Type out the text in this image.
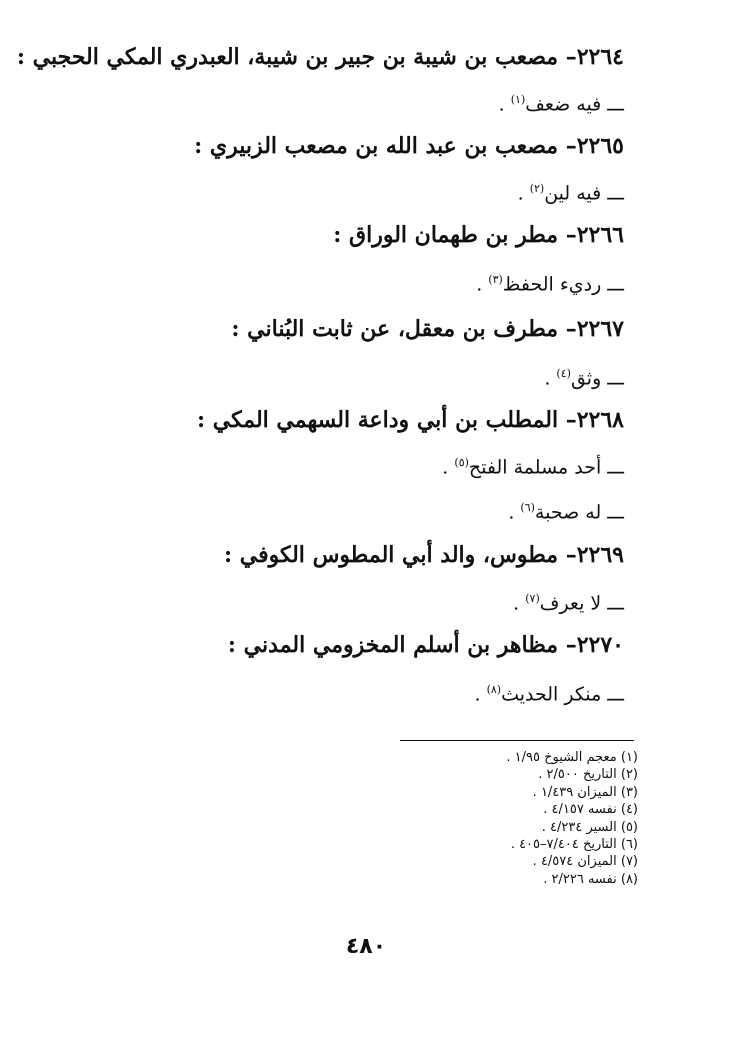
٢٢٦٤– مصعب بن شيبة بن جبير بن شيبة، العبدري المكي الحجبي :
ـــ فيه ضعف$^{(١)}$ .
٢٢٦٥– مصعب بن عبد الله بن مصعب الزبيري :
ـــ فيه لين$^{(٢)}$ .
٢٢٦٦– مطر بن طهمان الوراق :
ـــ رديء الحفظ$^{(٣)}$ .
٢٢٦٧– مطرف بن معقل، عن ثابت البُناني :
ـــ وثق$^{(٤)}$ .
٢٢٦٨– المطلب بن أبي وداعة السهمي المكي :
ـــ أحد مسلمة الفتح$^{(٥)}$ .
ـــ له صحبة$^{(٦)}$ .
٢٢٦٩– مطوس، والد أبي المطوس الكوفي :
ـــ لا يعرف$^{(٧)}$ .
٢٢٧٠– مظاهر بن أسلم المخزومي المدني :
ـــ منكر الحديث$^{(٨)}$ .
(١) معجم الشيوخ ١/٩٥ .
(٢) التاريخ ٢/٥٠٠ .
(٣) الميزان ١/٤٣٩ .
(٤) نفسه ٤/١٥٧ .
(٥) السير ٤/٢٣٤ .
(٦) التاريخ ٧/٤٠٤–٤٠٥ .
(٧) الميزان ٤/٥٧٤ .
(٨) نفسه ٢/٢٢٦ .
٤٨٠
